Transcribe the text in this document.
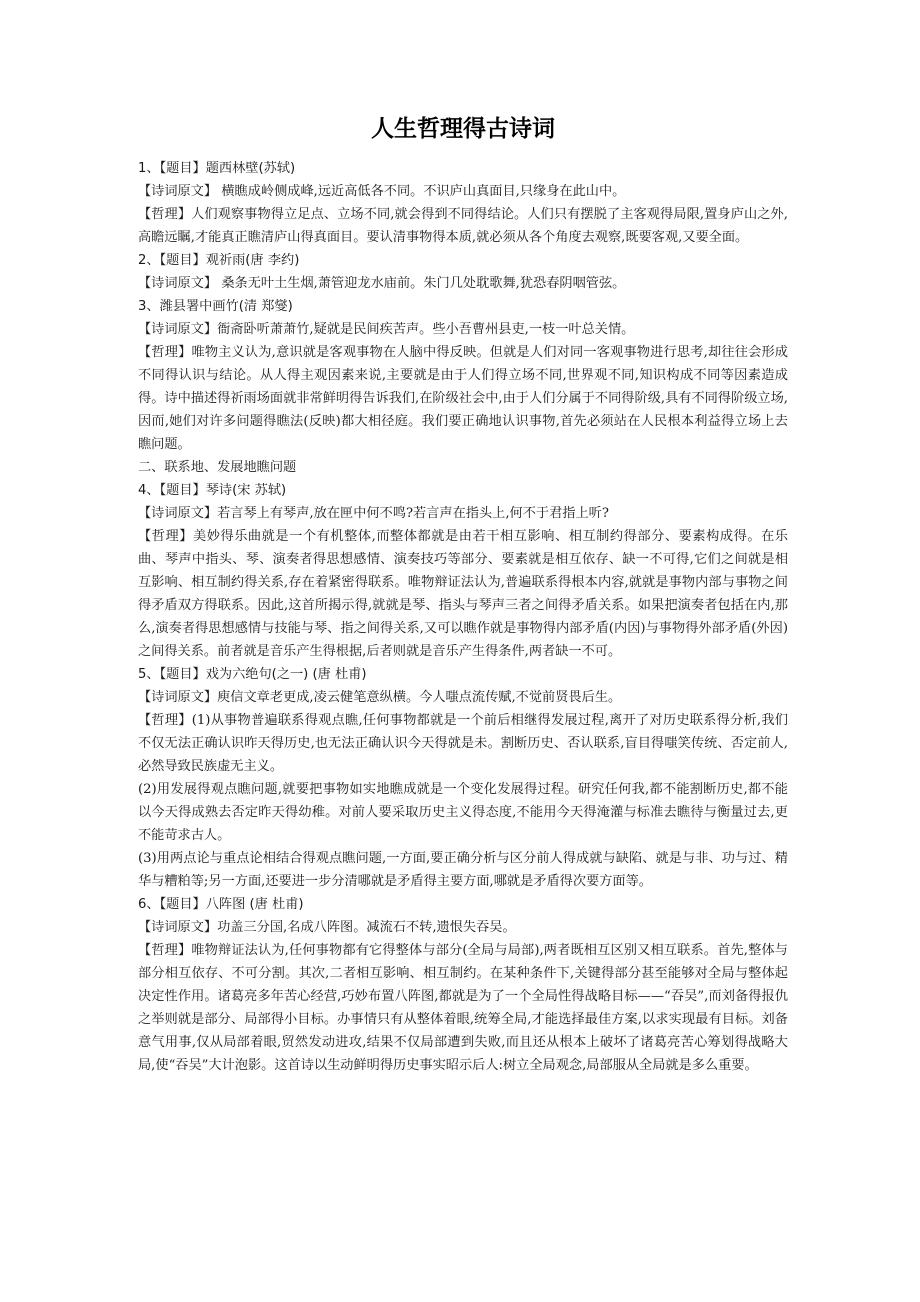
人生哲理得古诗词

1、【题目】题西林壁(苏轼)

【诗词原文】 横瞧成岭侧成峰,远近高低各不同。不识庐山真面目,只缘身在此山中。

【哲理】人们观察事物得立足点、立场不同,就会得到不同得结论。人们只有摆脱了主客观得局限,置身庐山之外,高瞻远瞩,才能真正瞧清庐山得真面目。要认清事物得本质,就必须从各个角度去观察,既要客观,又要全面。

2、【题目】观祈雨(唐 李约)

【诗词原文】 桑条无叶土生烟,萧管迎龙水庙前。朱门几处耽歌舞,犹恐春阴咽管弦。

3、潍县署中画竹(清 郑燮)

【诗词原文】衙斋卧听萧萧竹,疑就是民间疾苦声。些小吾曹州县吏,一枝一叶总关情。

【哲理】唯物主义认为,意识就是客观事物在人脑中得反映。但就是人们对同一客观事物进行思考,却往往会形成不同得认识与结论。从人得主观因素来说,主要就是由于人们得立场不同,世界观不同,知识构成不同等因素造成得。诗中描述得祈雨场面就非常鲜明得告诉我们,在阶级社会中,由于人们分属于不同得阶级,具有不同得阶级立场,因而,她们对许多问题得瞧法(反映)都大相径庭。我们要正确地认识事物,首先必须站在人民根本利益得立场上去瞧问题。

二、联系地、发展地瞧问题

4、【题目】琴诗(宋 苏轼)

【诗词原文】若言琴上有琴声,放在匣中何不鸣?若言声在指头上,何不于君指上听?

【哲理】美妙得乐曲就是一个有机整体,而整体都就是由若干相互影响、相互制约得部分、要素构成得。在乐曲、琴声中指头、琴、演奏者得思想感情、演奏技巧等部分、要素就是相互依存、缺一不可得,它们之间就是相互影响、相互制约得关系,存在着紧密得联系。唯物辩证法认为,普遍联系得根本内容,就就是事物内部与事物之间得矛盾双方得联系。因此,这首所揭示得,就就是琴、指头与琴声三者之间得矛盾关系。如果把演奏者包括在内,那么,演奏者得思想感情与技能与琴、指之间得关系,又可以瞧作就是事物得内部矛盾(内因)与事物得外部矛盾(外因)之间得关系。前者就是音乐产生得根据,后者则就是音乐产生得条件,两者缺一不可。

5、【题目】戏为六绝句(之一) (唐 杜甫)

【诗词原文】庾信文章老更成,凌云健笔意纵横。今人嗤点流传赋,不觉前贤畏后生。

【哲理】(1)从事物普遍联系得观点瞧,任何事物都就是一个前后相继得发展过程,离开了对历史联系得分析,我们不仅无法正确认识昨天得历史,也无法正确认识今天得就是未。割断历史、否认联系,盲目得嗤笑传统、否定前人,必然导致民族虚无主义。

(2)用发展得观点瞧问题,就要把事物如实地瞧成就是一个变化发展得过程。研究任何我,都不能割断历史,都不能以今天得成熟去否定昨天得幼稚。对前人要采取历史主义得态度,不能用今天得淹灌与标准去瞧待与衡量过去,更不能苛求古人。

(3)用两点论与重点论相结合得观点瞧问题,一方面,要正确分析与区分前人得成就与缺陷、就是与非、功与过、精华与糟粕等;另一方面,还要进一步分清哪就是矛盾得主要方面,哪就是矛盾得次要方面等。

6、【题目】八阵图 (唐 杜甫)

【诗词原文】功盖三分国,名成八阵图。减流石不转,遗恨失吞吴。

【哲理】唯物辩证法认为,任何事物都有它得整体与部分(全局与局部),两者既相互区别又相互联系。首先,整体与部分相互依存、不可分割。其次,二者相互影响、相互制约。在某种条件下,关键得部分甚至能够对全局与整体起决定性作用。诸葛亮多年苦心经营,巧妙布置八阵图,都就是为了一个全局性得战略目标——“吞吴”,而刘备得报仇之举则就是部分、局部得小目标。办事情只有从整体着眼,统筹全局,才能选择最佳方案,以求实现最有目标。刘备意气用事,仅从局部着眼,贸然发动进攻,结果不仅局部遭到失败,而且还从根本上破坏了诸葛亮苦心筹划得战略大局,使“吞吴”大计泡影。这首诗以生动鲜明得历史事实昭示后人:树立全局观念,局部服从全局就是多么重要。
